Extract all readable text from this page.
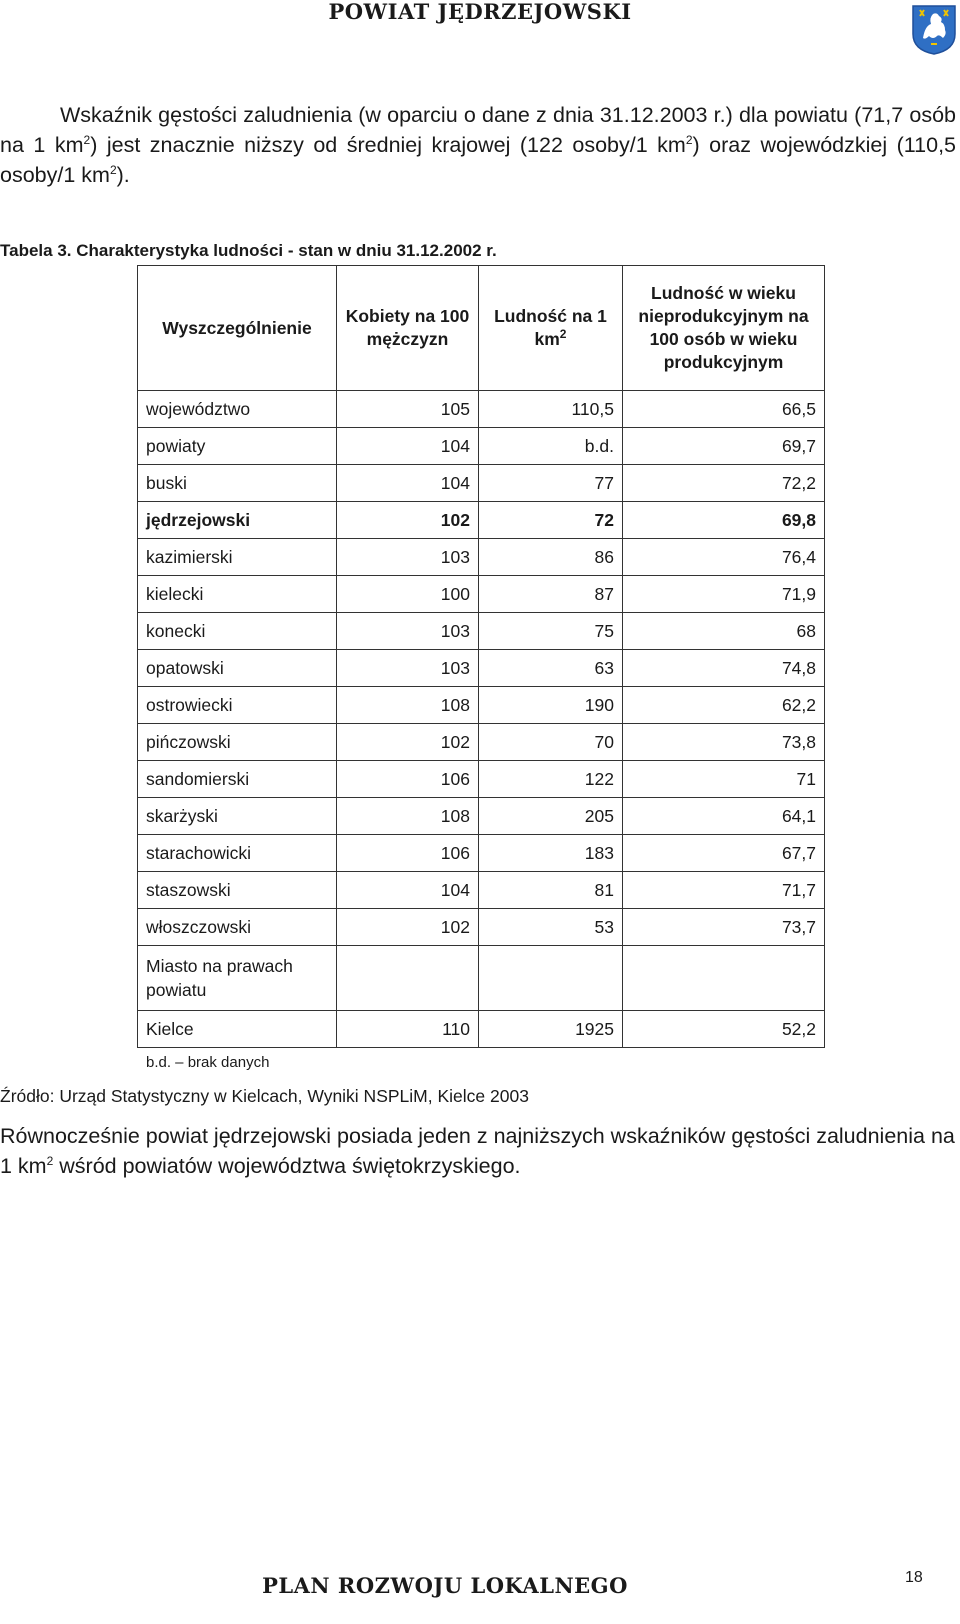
POWIAT JĘDRZEJOWSKI

Wskaźnik gęstości zaludnienia (w oparciu o dane z dnia 31.12.2003 r.) dla powiatu (71,7 osób na 1 $km^2$) jest znacznie niższy od średniej krajowej (122 osoby/1 $km^2$) oraz wojewódzkiej (110,5 osoby/1 $km^2$).

Tabela 3. Charakterystyka ludności - stan w dniu 31.12.2002 r.
Wyszczególnienie	Kobiety na 100 mężczyzn	Ludność na 1 $km^2$	Ludność w wieku nieprodukcyjnym na 100 osób w wieku produkcyjnym
województwo	105	110,5	66,5
powiaty	104	b.d.	69,7
buski	104	77	72,2
jędrzejowski	102	72	69,8
kazimierski	103	86	76,4
kielecki	100	87	71,9
konecki	103	75	68
opatowski	103	63	74,8
ostrowiecki	108	190	62,2
pińczowski	102	70	73,8
sandomierski	106	122	71
skarżyski	108	205	64,1
starachowicki	106	183	67,7
staszowski	104	81	71,7
włoszczowski	102	53	73,7
Miasto na prawach powiatu			
Kielce	110	1925	52,2
b.d. – brak danych
Źródło: Urząd Statystyczny w Kielcach, Wyniki NSPLiM, Kielce 2003

Równocześnie powiat jędrzejowski posiada jeden z najniższych wskaźników gęstości zaludnienia na 1 $km^2$ wśród powiatów województwa świętokrzyskiego.

PLAN ROZWOJU LOKALNEGO	18
